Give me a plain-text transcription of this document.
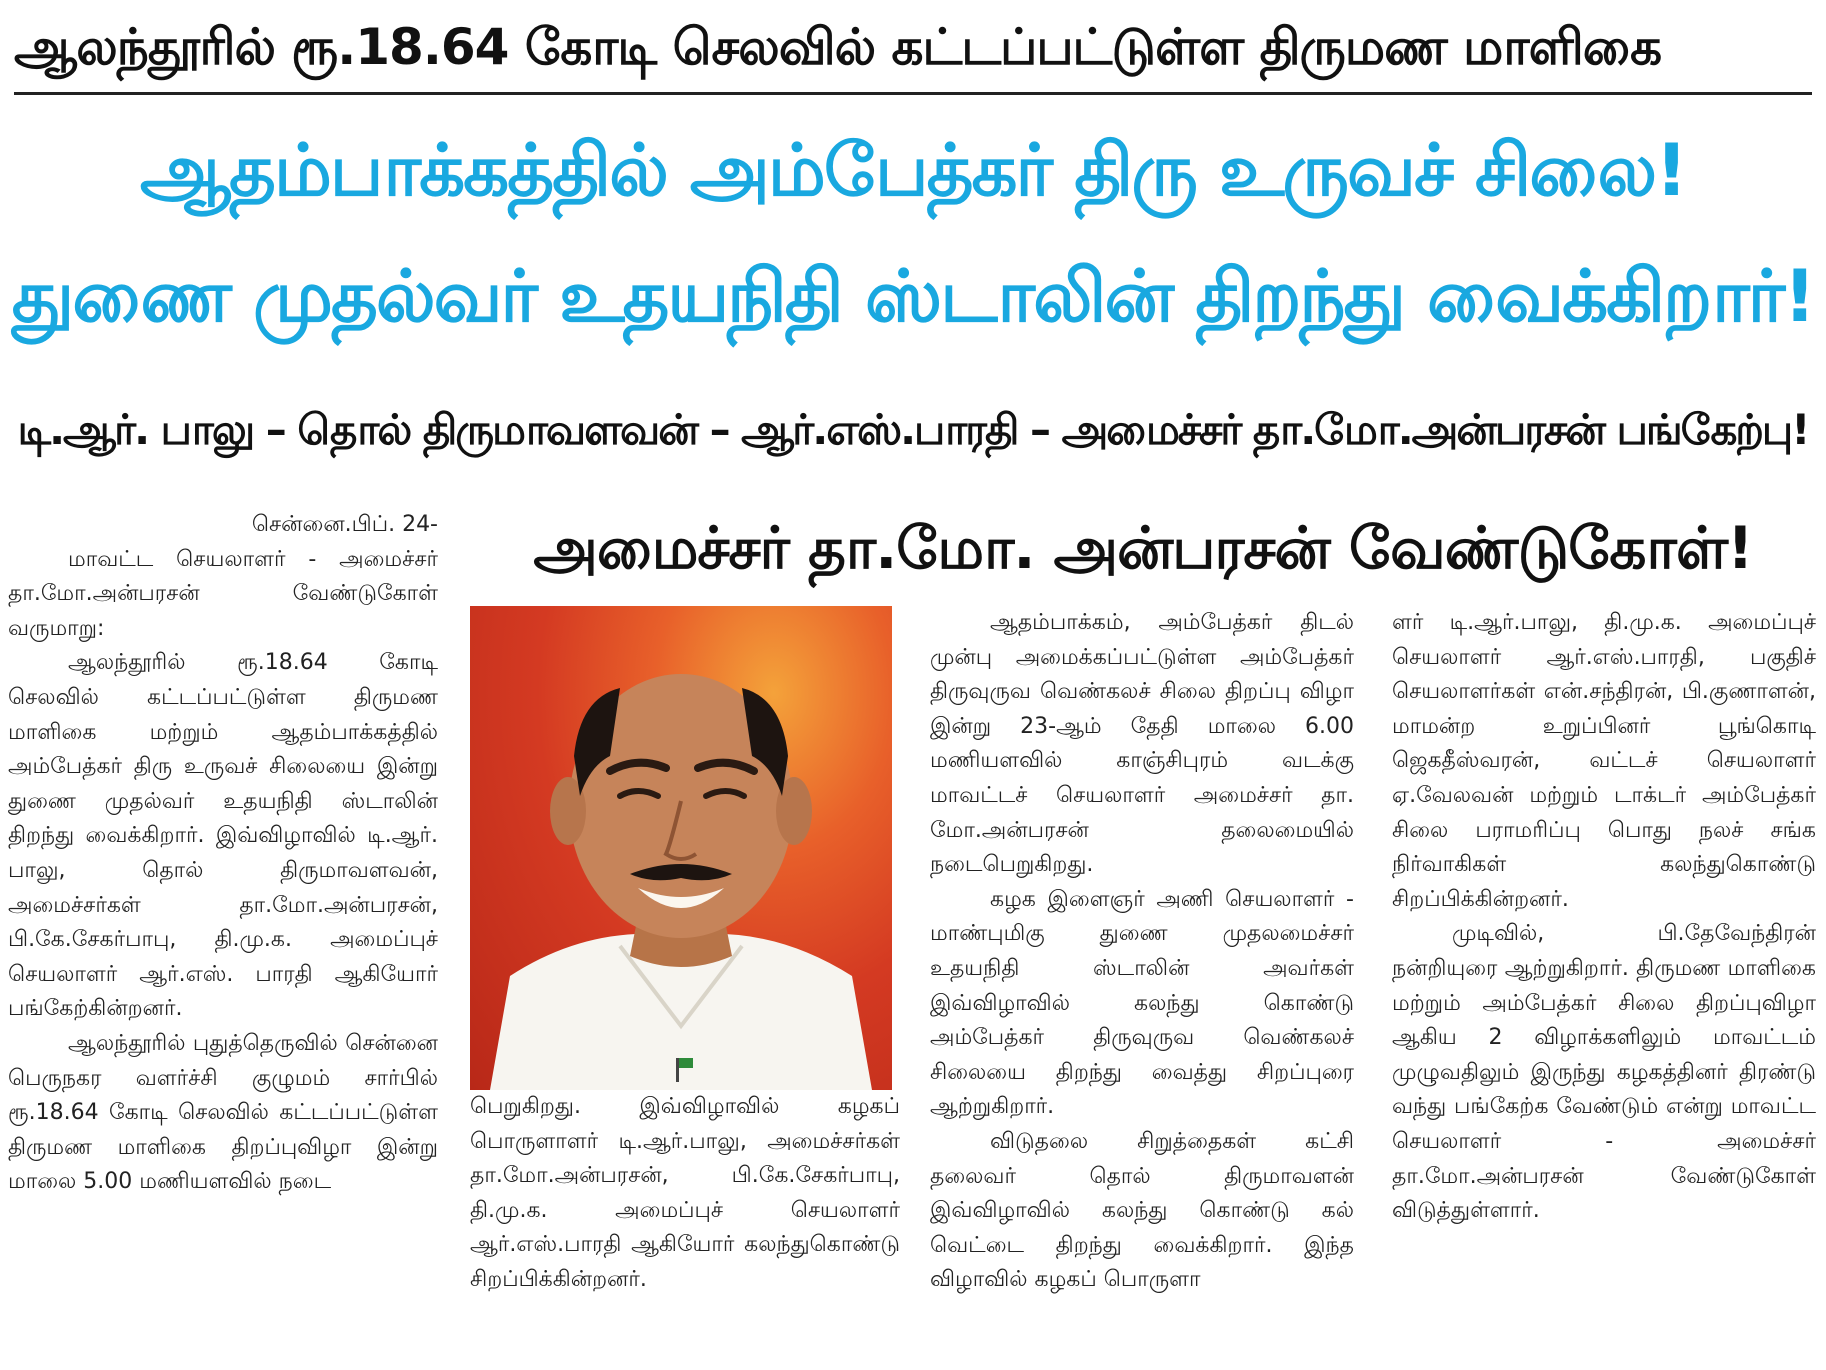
ஆலந்தூரில் ரூ.18.64 கோடி செலவில் கட்டப்பட்டுள்ள திருமண மாளிகை
ஆதம்பாக்கத்தில் அம்பேத்கர் திரு உருவச் சிலை!
துணை முதல்வர் உதயநிதி ஸ்டாலின் திறந்து வைக்கிறார்!
டி.ஆர். பாலு – தொல் திருமாவளவன் – ஆர்.எஸ்.பாரதி – அமைச்சர் தா.மோ.அன்பரசன் பங்கேற்பு!
அமைச்சர் தா.மோ. அன்பரசன் வேண்டுகோள்!

சென்னை.பிப். 24-

மாவட்ட செயலாளர் - அமைச்சர் தா.மோ.அன்பரசன் வேண்டுகோள் வருமாறு:

ஆலந்தூரில் ரூ.18.64 கோடி செலவில் கட்டப்பட்டுள்ள திருமண மாளிகை மற்றும் ஆதம்பாக்கத்தில் அம்பேத்கர் திரு உருவச் சிலையை இன்று துணை முதல்வர் உதயநிதி ஸ்டாலின் திறந்து வைக்கிறார். இவ்விழாவில் டி.ஆர். பாலு, தொல் திருமாவளவன், அமைச்சர்கள் தா.மோ.அன்பரசன், பி.கே.சேகர்பாபு, தி.மு.க. அமைப்புச் செயலாளர் ஆர்.எஸ். பாரதி ஆகியோர் பங்கேற்கின்றனர்.

ஆலந்தூரில் புதுத்தெருவில் சென்னை பெருநகர வளர்ச்சி குழுமம் சார்பில் ரூ.18.64 கோடி செலவில் கட்டப்பட்டுள்ள திருமண மாளிகை திறப்புவிழா இன்று மாலை 5.00 மணியளவில் நடை

பெறுகிறது. இவ்விழாவில் கழகப் பொருளாளர் டி.ஆர்.பாலு, அமைச்சர்கள் தா.மோ.அன்பரசன், பி.கே.சேகர்பாபு, தி.மு.க. அமைப்புச் செயலாளர் ஆர்.எஸ்.பாரதி ஆகியோர் கலந்துகொண்டு சிறப்பிக்கின்றனர்.

ஆதம்பாக்கம், அம்பேத்கர் திடல் முன்பு அமைக்கப்பட்டுள்ள அம்பேத்கர் திருவுருவ வெண்கலச் சிலை திறப்பு விழா இன்று 23-ஆம் தேதி மாலை 6.00 மணியளவில் காஞ்சிபுரம் வடக்கு மாவட்டச் செயலாளர் அமைச்சர் தா. மோ.அன்பரசன் தலைமையில் நடைபெறுகிறது.

கழக இளைஞர் அணி செயலாளர் - மாண்புமிகு துணை முதலமைச்சர் உதயநிதி ஸ்டாலின் அவர்கள் இவ்விழாவில் கலந்து கொண்டு அம்பேத்கர் திருவுருவ வெண்கலச் சிலையை திறந்து வைத்து சிறப்புரை ஆற்றுகிறார்.

விடுதலை சிறுத்தைகள் கட்சி தலைவர் தொல் திருமாவளன் இவ்விழாவில் கலந்து கொண்டு கல் வெட்டை திறந்து வைக்கிறார். இந்த விழாவில் கழகப் பொருளா

ளர் டி.ஆர்.பாலு, தி.மு.க. அமைப்புச் செயலாளர் ஆர்.எஸ்.பாரதி, பகுதிச் செயலாளர்கள் என்.சந்திரன், பி.குணாளன், மாமன்ற உறுப்பினர் பூங்கொடி ஜெகதீஸ்வரன், வட்டச் செயலாளர் ஏ.வேலவன் மற்றும் டாக்டர் அம்பேத்கர் சிலை பராமரிப்பு பொது நலச் சங்க நிர்வாகிகள் கலந்துகொண்டு சிறப்பிக்கின்றனர்.

முடிவில், பி.தேவேந்திரன் நன்றியுரை ஆற்றுகிறார். திருமண மாளிகை மற்றும் அம்பேத்கர் சிலை திறப்புவிழா ஆகிய 2 விழாக்களிலும் மாவட்டம் முழுவதிலும் இருந்து கழகத்தினர் திரண்டு வந்து பங்கேற்க வேண்டும் என்று மாவட்ட செயலாளர் - அமைச்சர் தா.மோ.அன்பரசன் வேண்டுகோள் விடுத்துள்ளார்.
